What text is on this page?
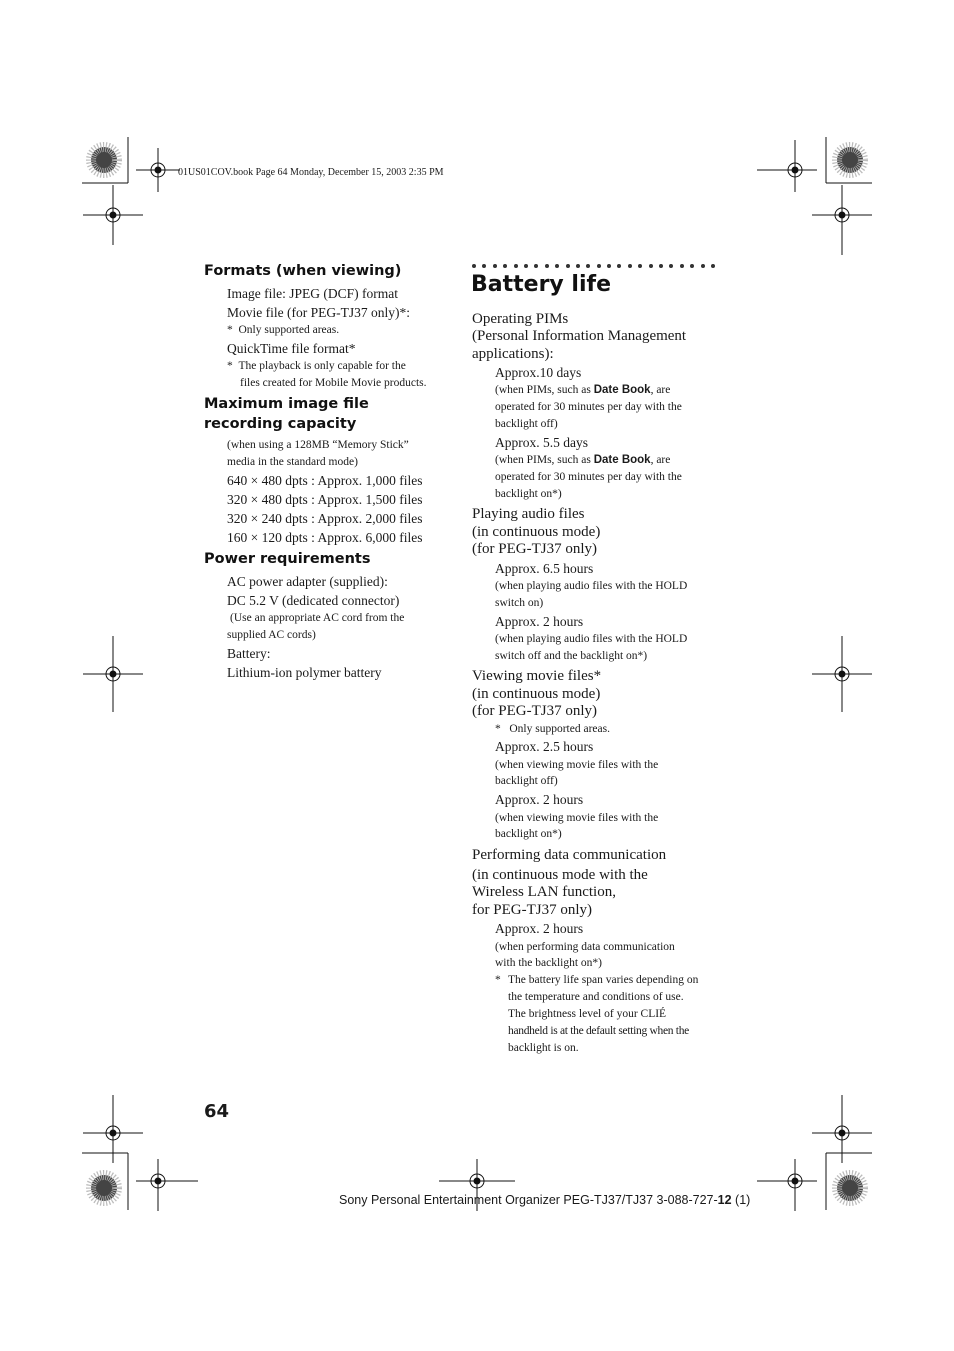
01US01COV.book Page 64 Monday, December 15, 2003 2:35 PM
Formats (when viewing)
Image file: JPEG (DCF) format
Movie file (for PEG-TJ37 only)*:
* Only supported areas.
QuickTime file format*
* The playback is only capable for the
files created for Mobile Movie products.
Maximum image file
recording capacity
(when using a 128MB “Memory Stick”
media in the standard mode)
640 × 480 dpts : Approx. 1,000 files
320 × 480 dpts : Approx. 1,500 files
320 × 240 dpts : Approx. 2,000 files
160 × 120 dpts : Approx. 6,000 files
Power requirements
AC power adapter (supplied):
DC 5.2 V (dedicated connector)
(Use an appropriate AC cord from the
supplied AC cords)
Battery:
Lithium-ion polymer battery
Battery life
Operating PIMs
(Personal Information Management
applications):
Approx.10 days
(when PIMs, such as Date Book, are
operated for 30 minutes per day with the
backlight off)
Approx. 5.5 days
(when PIMs, such as Date Book, are
operated for 30 minutes per day with the
backlight on*)
Playing audio files
(in continuous mode)
(for PEG-TJ37 only)
Approx. 6.5 hours
(when playing audio files with the HOLD
switch on)
Approx. 2 hours
(when playing audio files with the HOLD
switch off and the backlight on*)
Viewing movie files*
(in continuous mode)
(for PEG-TJ37 only)
* Only supported areas.
Approx. 2.5 hours
(when viewing movie files with the
backlight off)
Approx. 2 hours
(when viewing movie files with the
backlight on*)
Performing data communication
(in continuous mode with the
Wireless LAN function,
for PEG-TJ37 only)
Approx. 2 hours
(when performing data communication
with the backlight on*)
* The battery life span varies depending on
the temperature and conditions of use.
The brightness level of your CLIÉ
handheld is at the default setting when the
backlight is on.
64
Sony Personal Entertainment Organizer PEG-TJ37/TJ37 3-088-727-12 (1)
